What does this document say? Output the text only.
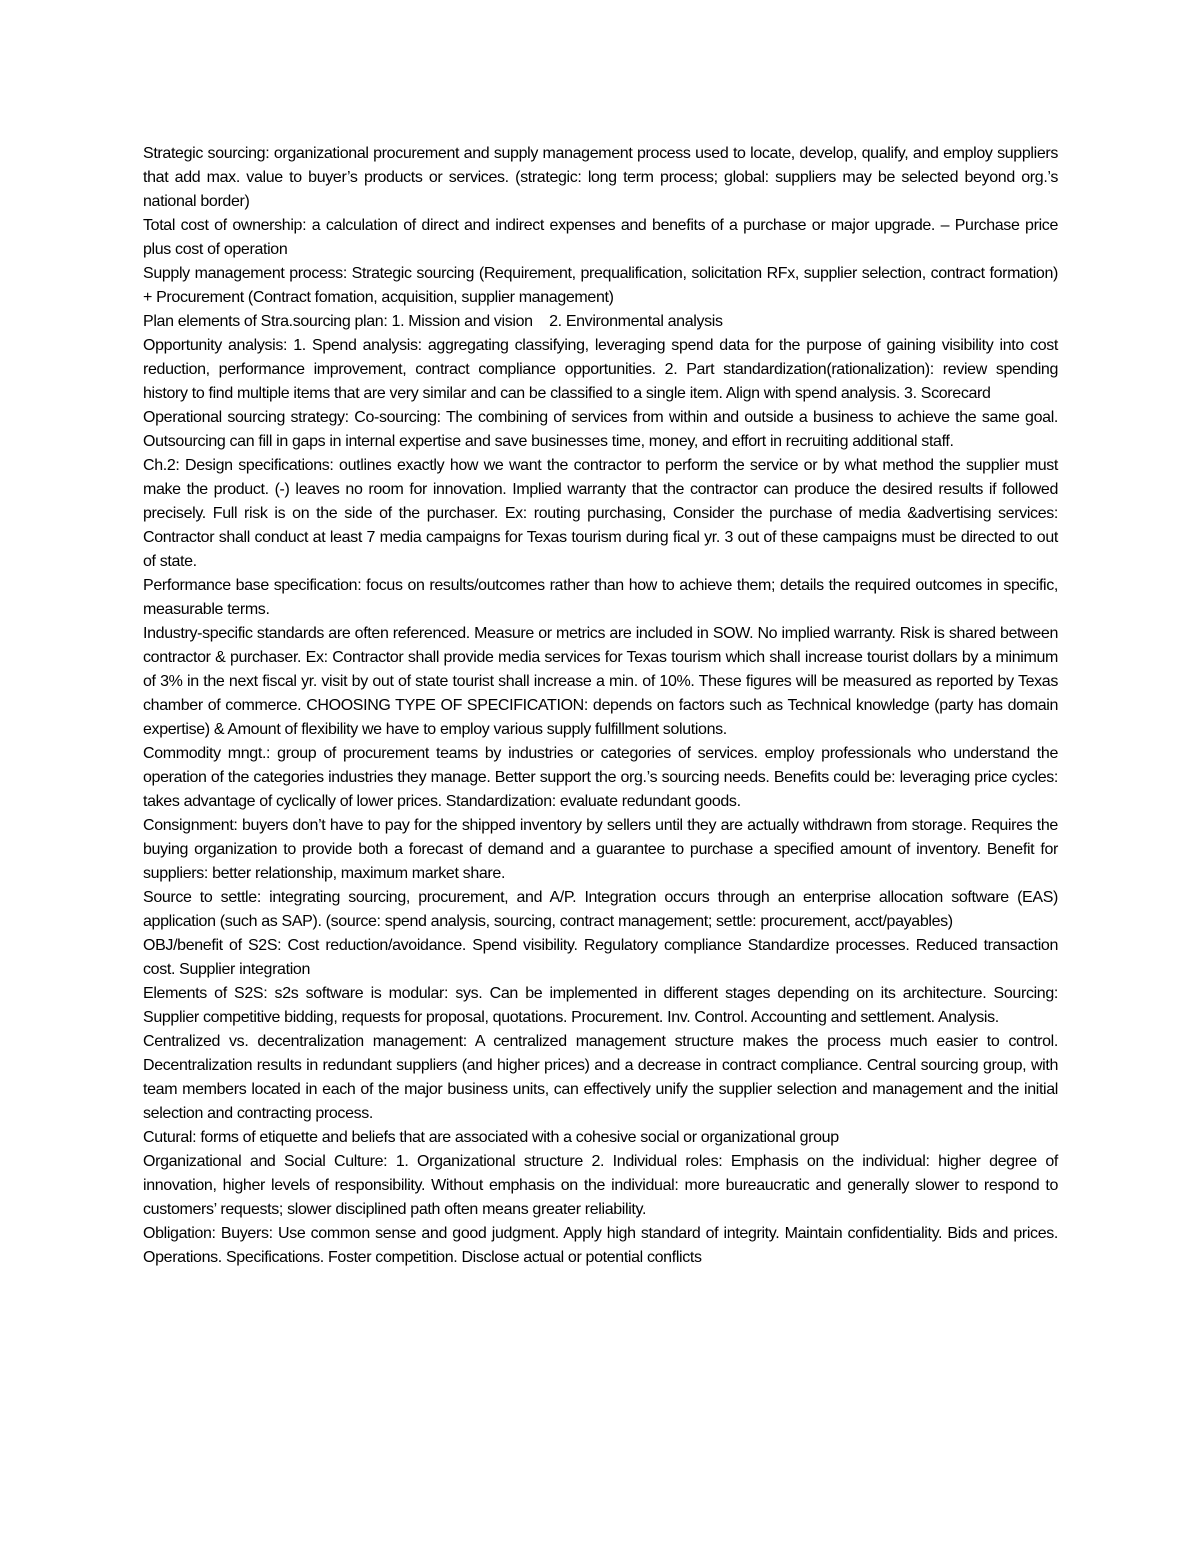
Strategic sourcing: organizational procurement and supply management process used to locate, develop, qualify, and employ suppliers that add max. value to buyer’s products or services. (strategic: long term process; global: suppliers may be selected beyond org.’s national border)

Total cost of ownership: a calculation of direct and indirect expenses and benefits of a purchase or major upgrade. – Purchase price plus cost of operation

Supply management process: Strategic sourcing (Requirement, prequalification, solicitation RFx, supplier selection, contract formation) + Procurement (Contract fomation, acquisition, supplier management)

Plan elements of Stra.sourcing plan: 1. Mission and vision    2. Environmental analysis

Opportunity analysis: 1. Spend analysis: aggregating classifying, leveraging spend data for the purpose of gaining visibility into cost reduction, performance improvement, contract compliance opportunities. 2. Part standardization(rationalization): review spending history to find multiple items that are very similar and can be classified to a single item. Align with spend analysis. 3. Scorecard

Operational sourcing strategy: Co-sourcing: The combining of services from within and outside a business to achieve the same goal. Outsourcing can fill in gaps in internal expertise and save businesses time, money, and effort in recruiting additional staff.

Ch.2: Design specifications: outlines exactly how we want the contractor to perform the service or by what method the supplier must make the product. (-) leaves no room for innovation. Implied warranty that the contractor can produce the desired results if followed precisely. Full risk is on the side of the purchaser. Ex: routing purchasing, Consider the purchase of media &advertising services: Contractor shall conduct at least 7 media campaigns for Texas tourism during fical yr. 3 out of these campaigns must be directed to out of state.

Performance base specification: focus on results/outcomes rather than how to achieve them; details the required outcomes in specific, measurable terms.

Industry-specific standards are often referenced. Measure or metrics are included in SOW. No implied warranty. Risk is shared between contractor & purchaser. Ex: Contractor shall provide media services for Texas tourism which shall increase tourist dollars by a minimum of 3% in the next fiscal yr. visit by out of state tourist shall increase a min. of 10%. These figures will be measured as reported by Texas chamber of commerce. CHOOSING TYPE OF SPECIFICATION: depends on factors such as Technical knowledge (party has domain expertise) & Amount of flexibility we have to employ various supply fulfillment solutions.

Commodity mngt.: group of procurement teams by industries or categories of services. employ professionals who understand the operation of the categories industries they manage. Better support the org.’s sourcing needs. Benefits could be: leveraging price cycles: takes advantage of cyclically of lower prices. Standardization: evaluate redundant goods.

Consignment: buyers don’t have to pay for the shipped inventory by sellers until they are actually withdrawn from storage. Requires the buying organization to provide both a forecast of demand and a guarantee to purchase a specified amount of inventory. Benefit for suppliers: better relationship, maximum market share.

Source to settle: integrating sourcing, procurement, and A/P. Integration occurs through an enterprise allocation software (EAS) application (such as SAP). (source: spend analysis, sourcing, contract management; settle: procurement, acct/payables)

OBJ/benefit of S2S: Cost reduction/avoidance. Spend visibility. Regulatory compliance Standardize processes. Reduced transaction cost. Supplier integration

Elements of S2S: s2s software is modular: sys. Can be implemented in different stages depending on its architecture. Sourcing: Supplier competitive bidding, requests for proposal, quotations. Procurement. Inv. Control. Accounting and settlement. Analysis.

Centralized vs. decentralization management: A centralized management structure makes the process much easier to control. Decentralization results in redundant suppliers (and higher prices) and a decrease in contract compliance. Central sourcing group, with team members located in each of the major business units, can effectively unify the supplier selection and management and the initial selection and contracting process.

Cutural: forms of etiquette and beliefs that are associated with a cohesive social or organizational group

Organizational and Social Culture: 1. Organizational structure 2. Individual roles: Emphasis on the individual: higher degree of innovation, higher levels of responsibility. Without emphasis on the individual: more bureaucratic and generally slower to respond to customers’ requests; slower disciplined path often means greater reliability.

Obligation: Buyers: Use common sense and good judgment. Apply high standard of integrity. Maintain confidentiality. Bids and prices. Operations. Specifications. Foster competition. Disclose actual or potential conflicts
